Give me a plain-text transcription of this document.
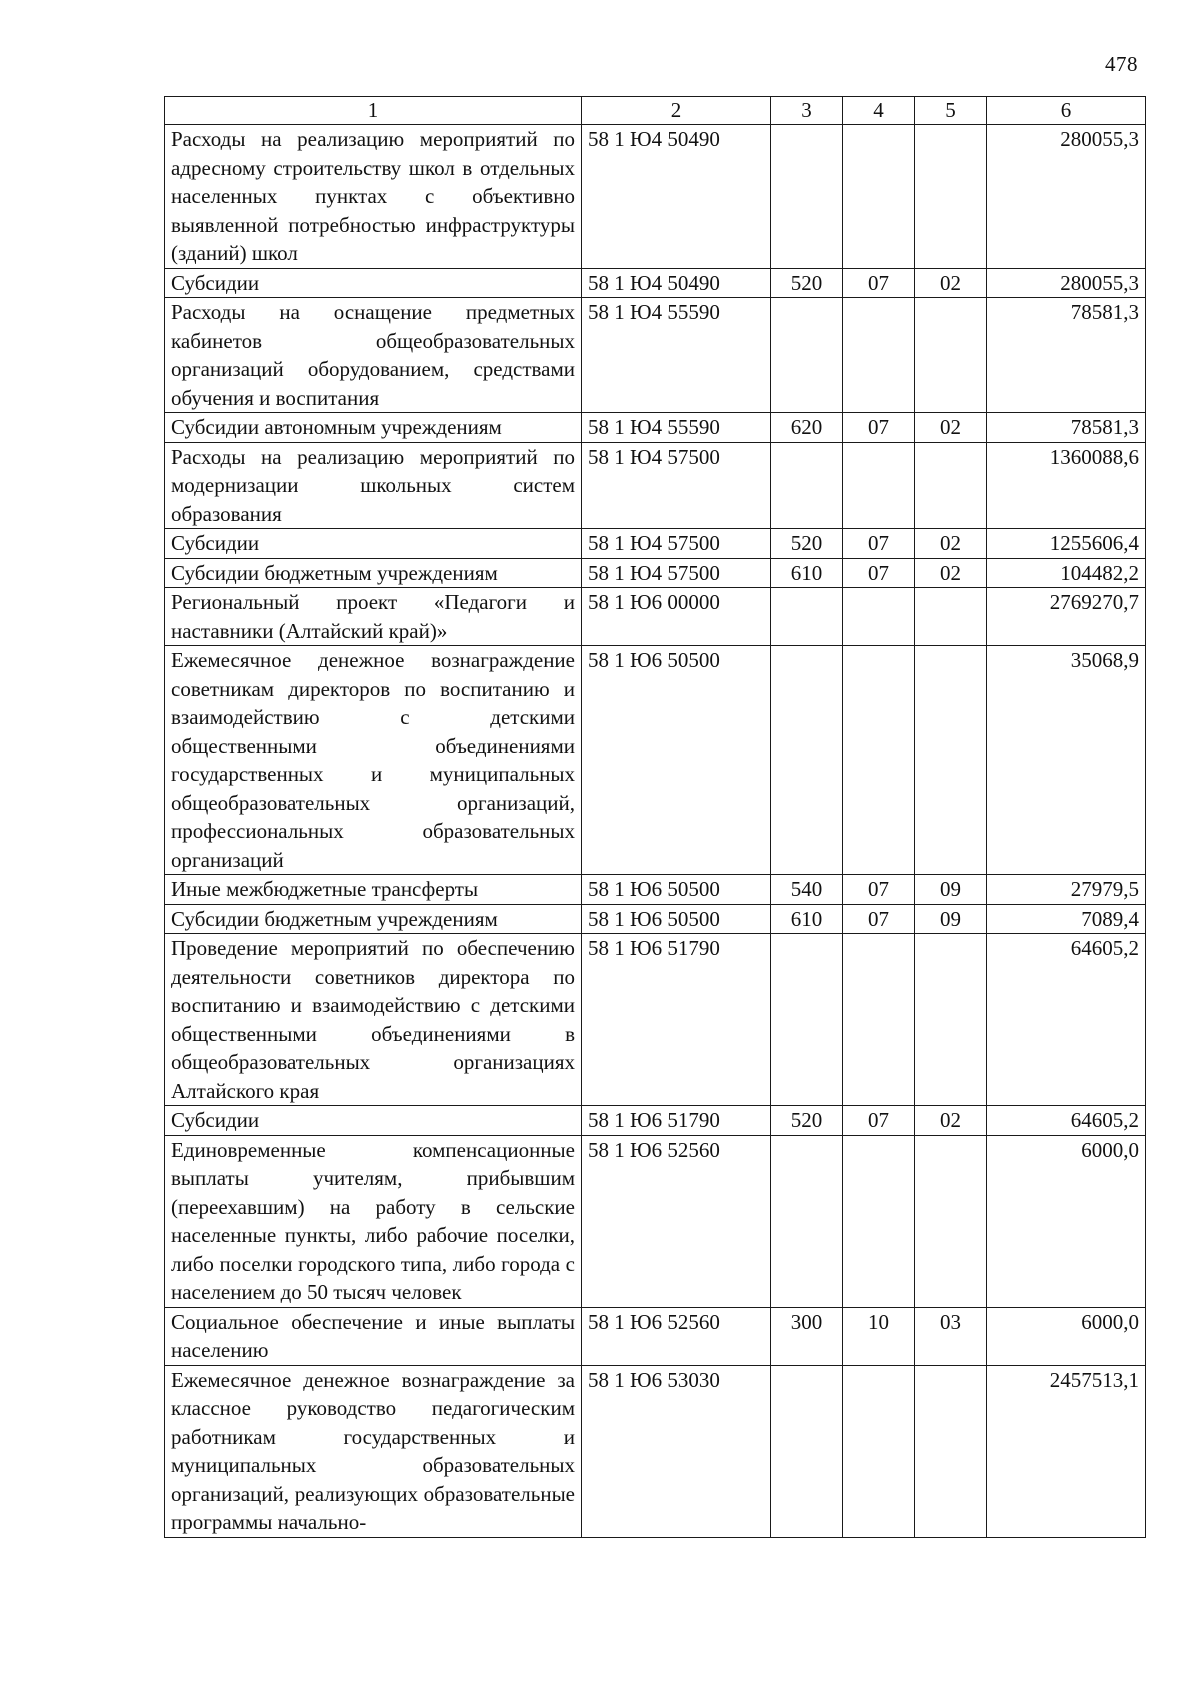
478
1	2	3	4	5	6
Расходы на реализацию мероприятий по адресному строительству школ в отдельных населенных пунктах с объективно выявленной потребностью инфраструктуры (зданий) школ	58 1 Ю4 50490				280055,3
Субсидии	58 1 Ю4 50490	520	07	02	280055,3
Расходы на оснащение предметных кабинетов общеобразовательных организаций оборудованием, средствами обучения и воспитания	58 1 Ю4 55590				78581,3
Субсидии автономным учреждениям	58 1 Ю4 55590	620	07	02	78581,3
Расходы на реализацию мероприятий по модернизации школьных систем образования	58 1 Ю4 57500				1360088,6
Субсидии	58 1 Ю4 57500	520	07	02	1255606,4
Субсидии бюджетным учреждениям	58 1 Ю4 57500	610	07	02	104482,2
Региональный проект «Педагоги и наставники (Алтайский край)»	58 1 Ю6 00000				2769270,7
Ежемесячное денежное вознаграждение советникам директоров по воспитанию и взаимодействию с детскими общественными объединениями государственных и муниципальных общеобразовательных организаций, профессиональных образовательных организаций	58 1 Ю6 50500				35068,9
Иные межбюджетные трансферты	58 1 Ю6 50500	540	07	09	27979,5
Субсидии бюджетным учреждениям	58 1 Ю6 50500	610	07	09	7089,4
Проведение мероприятий по обеспечению деятельности советников директора по воспитанию и взаимодействию с детскими общественными объединениями в общеобразовательных организациях Алтайского края	58 1 Ю6 51790				64605,2
Субсидии	58 1 Ю6 51790	520	07	02	64605,2
Единовременные компенсационные выплаты учителям, прибывшим (переехавшим) на работу в сельские населенные пункты, либо рабочие поселки, либо поселки городского типа, либо города с населением до 50 тысяч человек	58 1 Ю6 52560				6000,0
Социальное обеспечение и иные выплаты населению	58 1 Ю6 52560	300	10	03	6000,0
Ежемесячное денежное вознаграждение за классное руководство педагогическим работникам государственных и муниципальных образовательных организаций, реализующих образовательные программы начально-	58 1 Ю6 53030				2457513,1
